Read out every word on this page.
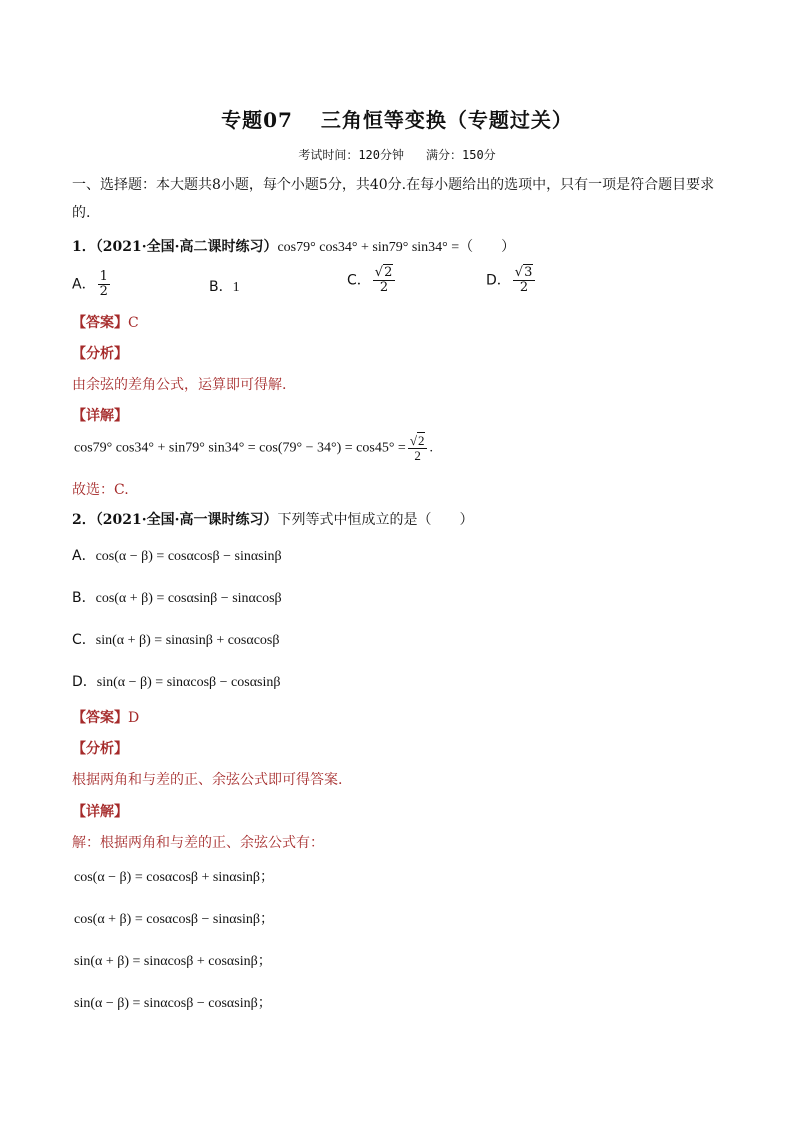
专题07 三角恒等变换（专题过关）
考试时间：120分钟 满分：150分
一、选择题：本大题共8小题，每个小题5分，共40分.在每小题给出的选项中，只有一项是符合题目要求的.
1．（2021·全国·高二课时练习）cos79° cos34° + sin79° sin34° =（　　）
A． $\frac{1}{2}$	B．1	C． $\frac{√2}{2}$	D． $\frac{√3}{2}$
【答案】C
【分析】
由余弦的差角公式，运算即可得解.
【详解】
cos79° cos34° + sin79° $\sin 34^\circ = \cos(79^\circ - 34^\circ) = \cos 45^\circ = \frac{√2}{2}$ .
故选：C.
2．（2021·全国·高一课时练习）下列等式中恒成立的是（　　）
A．cos(α − β) = cosαcosβ − sinαsinβ
B．cos(α + β) = cosαsinβ − sinαcosβ
C．sin(α + β) = sinαsinβ + cosαcosβ
D．sin(α − β) = sinαcosβ − cosαsinβ
【答案】D
【分析】
根据两角和与差的正、余弦公式即可得答案.
【详解】
解：根据两角和与差的正、余弦公式有：
cos(α − β) = cosαcosβ + sinαsinβ；
cos(α + β) = cosαcosβ − sinαsinβ；
sin(α + β) = sinαcosβ + cosαsinβ；
sin(α − β) = sinαcosβ − cosαsinβ；
